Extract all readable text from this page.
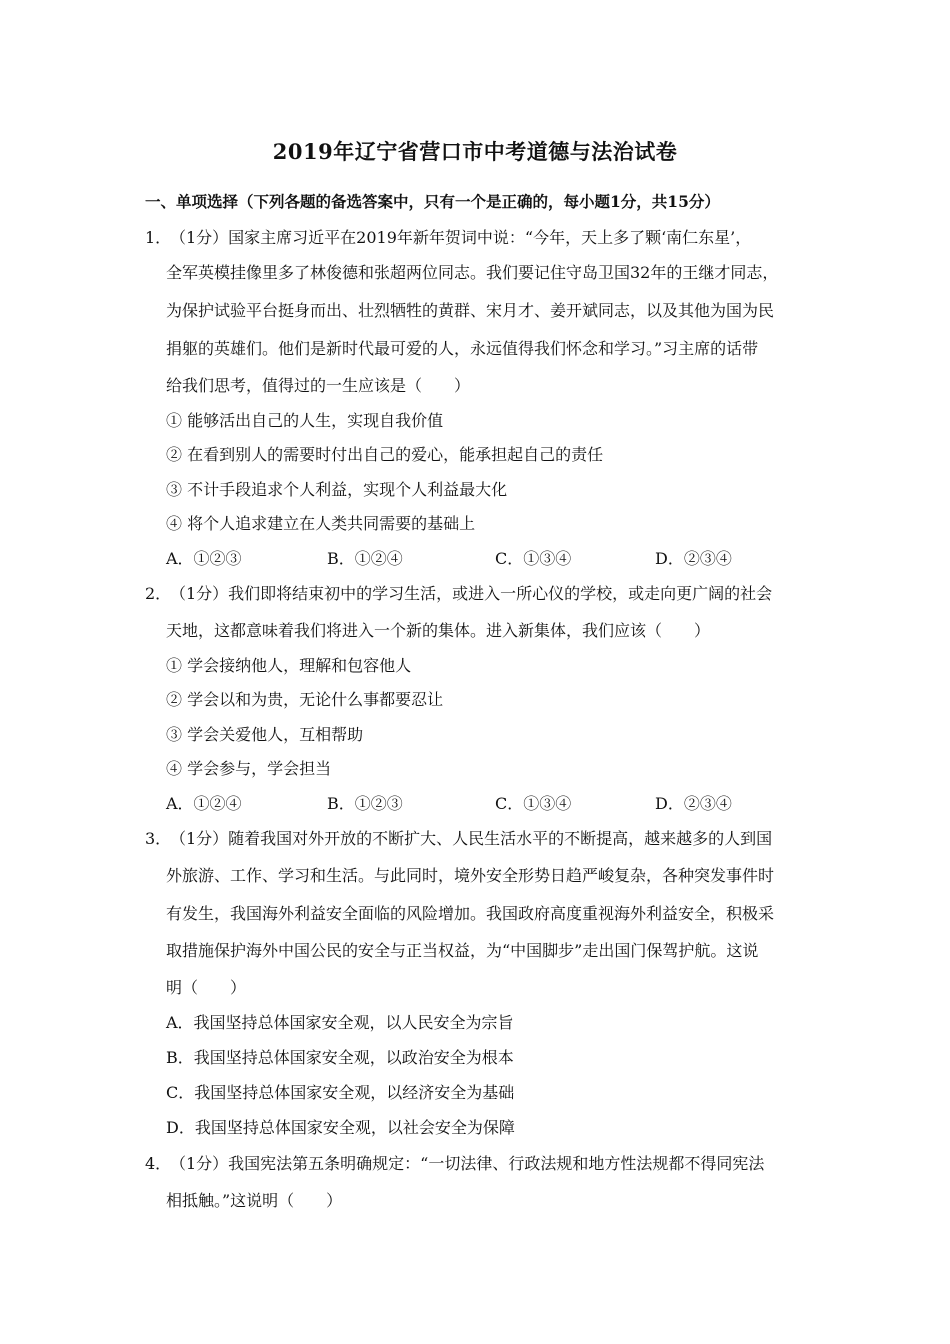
2019年辽宁省营口市中考道德与法治试卷
一、单项选择（下列各题的备选答案中，只有一个是正确的，每小题1分，共15分）
1．
（1分）国家主席习近平在2019年新年贺词中说：“今年，天上多了颗‘南仁东星’，
全军英模挂像里多了林俊德和张超两位同志。我们要记住守岛卫国32年的王继才同志，
为保护试验平台挺身而出、壮烈牺牲的黄群、宋月才、姜开斌同志，以及其他为国为民
捐躯的英雄们。他们是新时代最可爱的人，永远值得我们怀念和学习。”习主席的话带
给我们思考，值得过的一生应该是（　　）
① 能够活出自己的人生，实现自我价值
② 在看到别人的需要时付出自己的爱心，能承担起自己的责任
③ 不计手段追求个人利益，实现个人利益最大化
④ 将个人追求建立在人类共同需要的基础上
A．①②③	B．①②④	C．①③④	D．②③④
2．
（1分）我们即将结束初中的学习生活，或进入一所心仪的学校，或走向更广阔的社会
天地，这都意味着我们将进入一个新的集体。进入新集体，我们应该（　　）
① 学会接纳他人，理解和包容他人
② 学会以和为贵，无论什么事都要忍让
③ 学会关爱他人，互相帮助
④ 学会参与，学会担当
A．①②④	B．①②③	C．①③④	D．②③④
3．
（1分）随着我国对外开放的不断扩大、人民生活水平的不断提高，越来越多的人到国
外旅游、工作、学习和生活。与此同时，境外安全形势日趋严峻复杂，各种突发事件时
有发生，我国海外利益安全面临的风险增加。我国政府高度重视海外利益安全，积极采
取措施保护海外中国公民的安全与正当权益，为“中国脚步”走出国门保驾护航。这说
明（　　）
A．我国坚持总体国家安全观，以人民安全为宗旨
B．我国坚持总体国家安全观，以政治安全为根本
C．我国坚持总体国家安全观，以经济安全为基础
D．我国坚持总体国家安全观，以社会安全为保障
4．
（1分）我国宪法第五条明确规定：“一切法律、行政法规和地方性法规都不得同宪法
相抵触。”这说明（　　）
